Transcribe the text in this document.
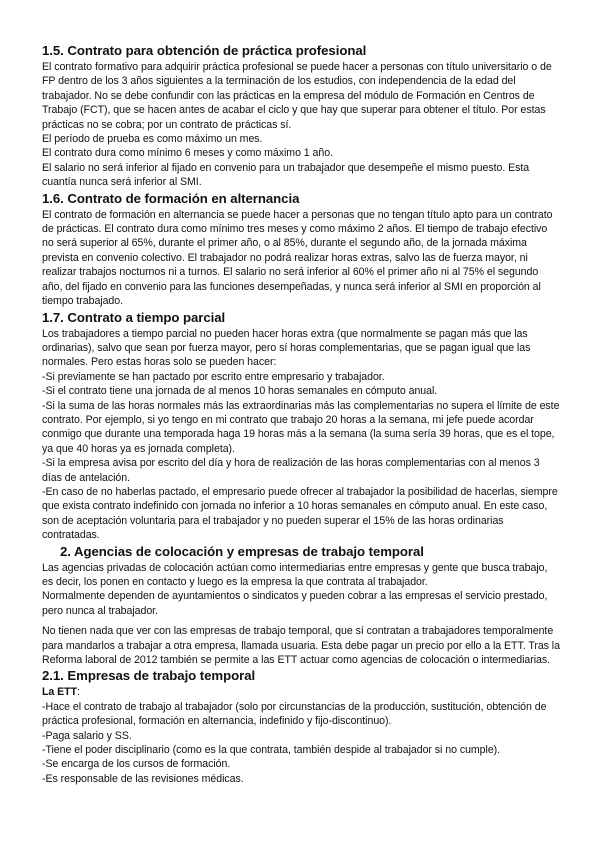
1.5. Contrato para obtención de práctica profesional

El contrato formativo para adquirir práctica profesional se puede hacer a personas con título universitario o de FP dentro de los 3 años siguientes a la terminación de los estudios, con independencia de la edad del trabajador. No se debe confundir con las prácticas en la empresa del módulo de Formación en Centros de Trabajo (FCT), que se hacen antes de acabar el ciclo y que hay que superar para obtener el título. Por estas prácticas no se cobra; por un contrato de prácticas sí.

El período de prueba es como máximo un mes.

El contrato dura como mínimo 6 meses y como máximo 1 año.

El salario no será inferior al fijado en convenio para un trabajador que desempeñe el mismo puesto. Esta cuantía nunca será inferior al SMI.

1.6. Contrato de formación en alternancia

El contrato de formación en alternancia se puede hacer a personas que no tengan título apto para un contrato de prácticas. El contrato dura como mínimo tres meses y como máximo 2 años. El tiempo de trabajo efectivo no será superior al 65%, durante el primer año, o al 85%, durante el segundo año, de la jornada máxima prevista en convenio colectivo. El trabajador no podrá realizar horas extras, salvo las de fuerza mayor, ni realizar trabajos nocturnos ni a turnos. El salario no será inferior al 60% el primer año ni al 75% el segundo año, del fijado en convenio para las funciones desempeñadas, y nunca será inferior al SMI en proporción al tiempo trabajado.

1.7. Contrato a tiempo parcial

Los trabajadores a tiempo parcial no pueden hacer horas extra (que normalmente se pagan más que las ordinarias), salvo que sean por fuerza mayor, pero sí horas complementarias, que se pagan igual que las normales. Pero estas horas solo se pueden hacer:

-Si previamente se han pactado por escrito entre empresario y trabajador.

-Si el contrato tiene una jornada de al menos 10 horas semanales en cómputo anual.

-Si la suma de las horas normales más las extraordinarias más las complementarias no supera el límite de este contrato. Por ejemplo, si yo tengo en mi contrato que trabajo 20 horas a la semana, mi jefe puede acordar conmigo que durante una temporada haga 19 horas más a la semana (la suma sería 39 horas, que es el tope, ya que 40 horas ya es jornada completa).

-Si la empresa avisa por escrito del día y hora de realización de las horas complementarias con al menos 3 días de antelación.

-En caso de no haberlas pactado, el empresario puede ofrecer al trabajador la posibilidad de hacerlas, siempre que exista contrato indefinido con jornada no inferior a 10 horas semanales en cómputo anual. En este caso, son de aceptación voluntaria para el trabajador y no pueden superar el 15% de las horas ordinarias contratadas.

2. Agencias de colocación y empresas de trabajo temporal

Las agencias privadas de colocación actúan como intermediarias entre empresas y gente que busca trabajo, es decir, los ponen en contacto y luego es la empresa la que contrata al trabajador.

Normalmente dependen de ayuntamientos o sindicatos y pueden cobrar a las empresas el servicio prestado, pero nunca al trabajador.

No tienen nada que ver con las empresas de trabajo temporal, que sí contratan a trabajadores temporalmente para mandarlos a trabajar a otra empresa, llamada usuaria. Esta debe pagar un precio por ello a la ETT. Tras la Reforma laboral de 2012 también se permite a las ETT actuar como agencias de colocación o intermediarias.

2.1. Empresas de trabajo temporal

La ETT:

-Hace el contrato de trabajo al trabajador (solo por circunstancias de la producción, sustitución, obtención de práctica profesional, formación en alternancia, indefinido y fijo-discontinuo).

-Paga salario y SS.

-Tiene el poder disciplinario (como es la que contrata, también despide al trabajador si no cumple).

-Se encarga de los cursos de formación.

-Es responsable de las revisiones médicas.
